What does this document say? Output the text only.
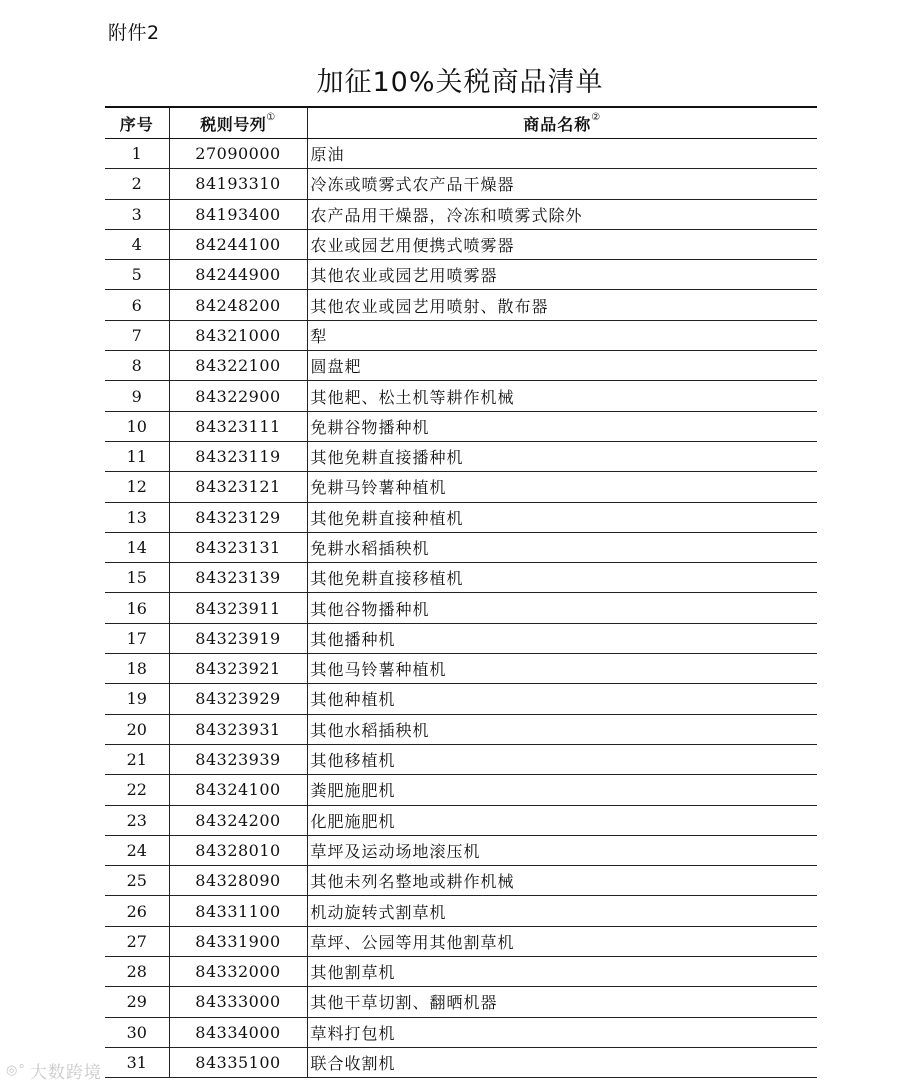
附件2
加征10%关税商品清单
序号	税则号列①	商品名称②
1	27090000	原油
2	84193310	冷冻或喷雾式农产品干燥器
3	84193400	农产品用干燥器，冷冻和喷雾式除外
4	84244100	农业或园艺用便携式喷雾器
5	84244900	其他农业或园艺用喷雾器
6	84248200	其他农业或园艺用喷射、散布器
7	84321000	犁
8	84322100	圆盘耙
9	84322900	其他耙、松土机等耕作机械
10	84323111	免耕谷物播种机
11	84323119	其他免耕直接播种机
12	84323121	免耕马铃薯种植机
13	84323129	其他免耕直接种植机
14	84323131	免耕水稻插秧机
15	84323139	其他免耕直接移植机
16	84323911	其他谷物播种机
17	84323919	其他播种机
18	84323921	其他马铃薯种植机
19	84323929	其他种植机
20	84323931	其他水稻插秧机
21	84323939	其他移植机
22	84324100	粪肥施肥机
23	84324200	化肥施肥机
24	84328010	草坪及运动场地滚压机
25	84328090	其他未列名整地或耕作机械
26	84331100	机动旋转式割草机
27	84331900	草坪、公园等用其他割草机
28	84332000	其他割草机
29	84333000	其他干草切割、翻晒机器
30	84334000	草料打包机
31	84335100	联合收割机
◎° 大数跨境
